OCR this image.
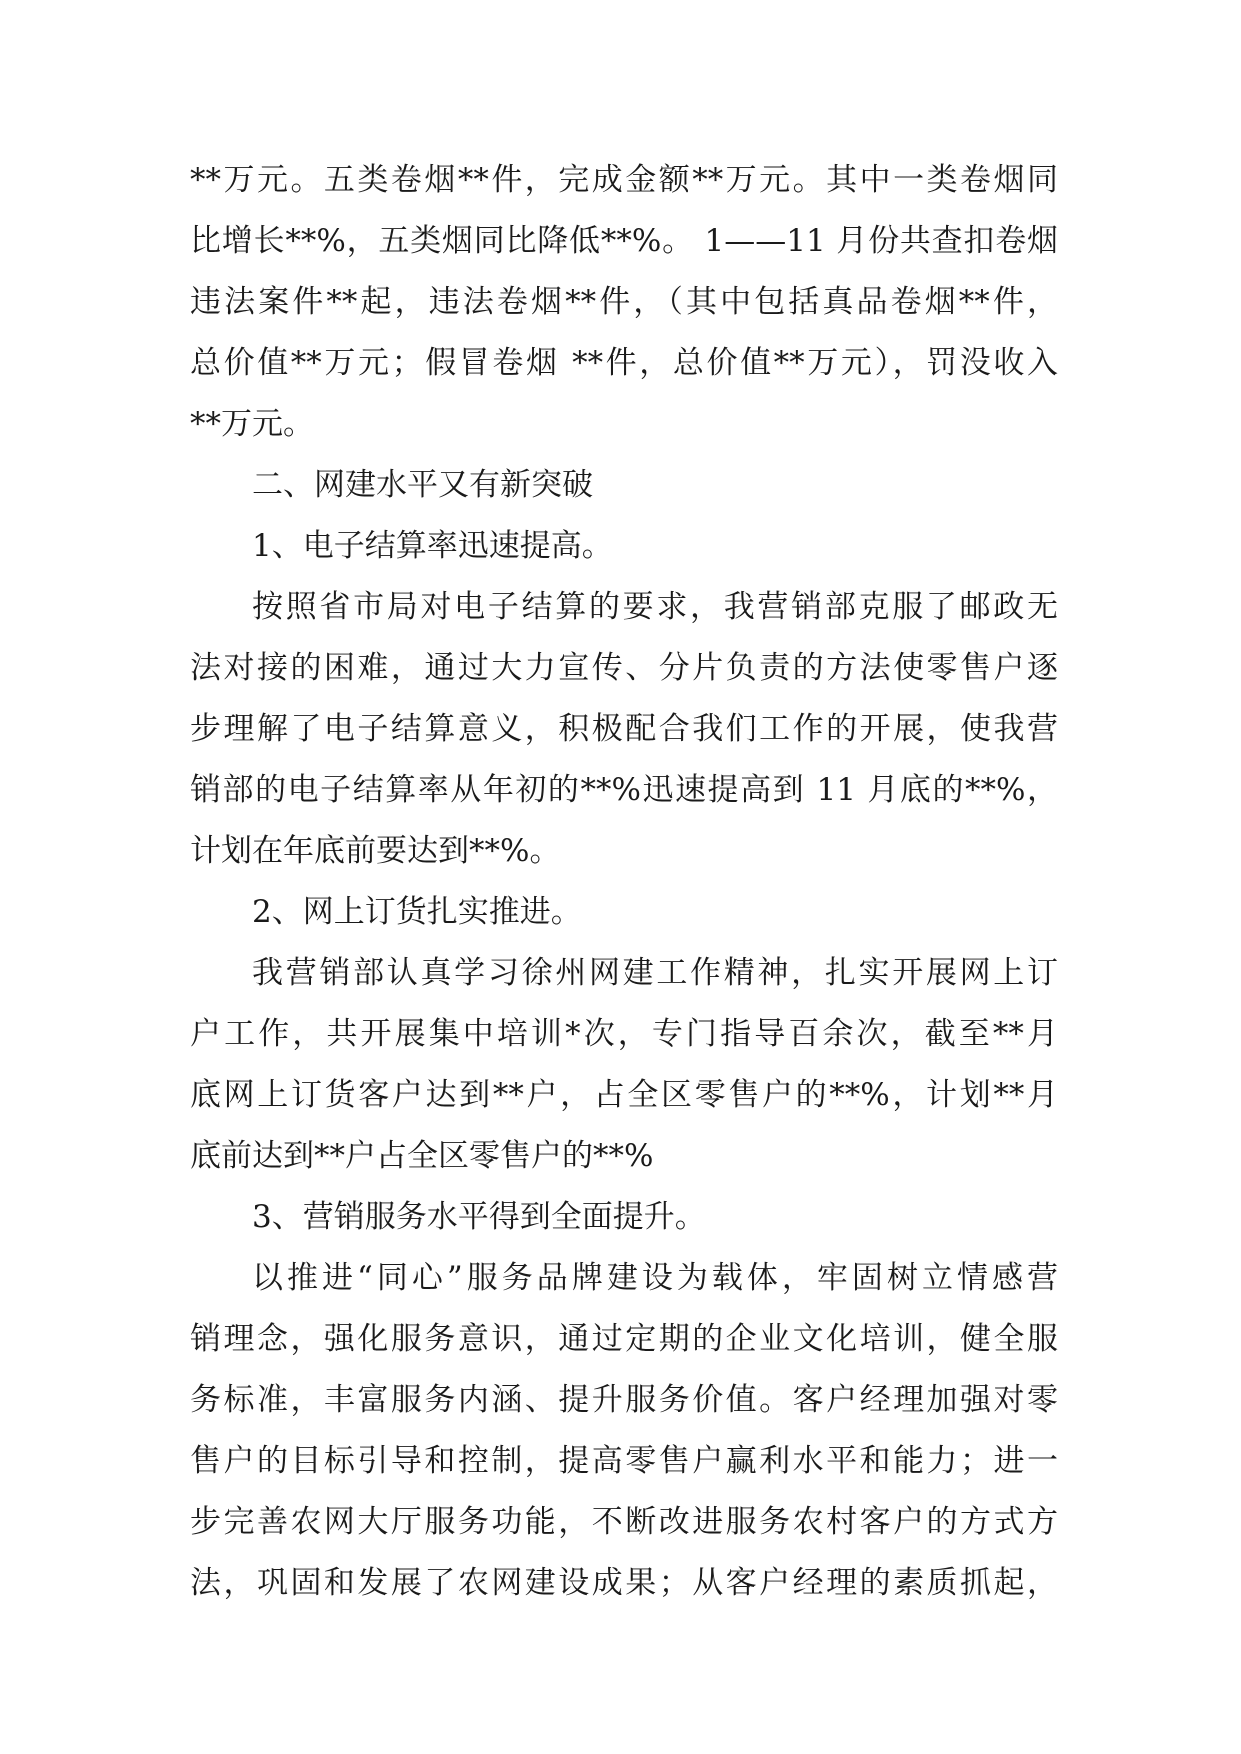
**万元。五类卷烟**件，完成金额**万元。其中一类卷烟同
比增长**%，五类烟同比降低**%。 1——11 月份共查扣卷烟
违法案件**起，违法卷烟**件，（其中包括真品卷烟**件，
总价值**万元；假冒卷烟 **件，总价值**万元），罚没收入
**万元。
二、网建水平又有新突破
1、电子结算率迅速提高。
按照省市局对电子结算的要求，我营销部克服了邮政无
法对接的困难，通过大力宣传、分片负责的方法使零售户逐
步理解了电子结算意义，积极配合我们工作的开展，使我营
销部的电子结算率从年初的**%迅速提高到 11 月底的**%，
计划在年底前要达到**%。
2、网上订货扎实推进。
我营销部认真学习徐州网建工作精神，扎实开展网上订
户工作，共开展集中培训*次，专门指导百余次，截至**月
底网上订货客户达到**户，占全区零售户的**%，计划**月
底前达到**户占全区零售户的**%
3、营销服务水平得到全面提升。
以推进“同心”服务品牌建设为载体，牢固树立情感营
销理念，强化服务意识，通过定期的企业文化培训，健全服
务标准，丰富服务内涵、提升服务价值。客户经理加强对零
售户的目标引导和控制，提高零售户赢利水平和能力；进一
步完善农网大厅服务功能，不断改进服务农村客户的方式方
法，巩固和发展了农网建设成果；从客户经理的素质抓起，
